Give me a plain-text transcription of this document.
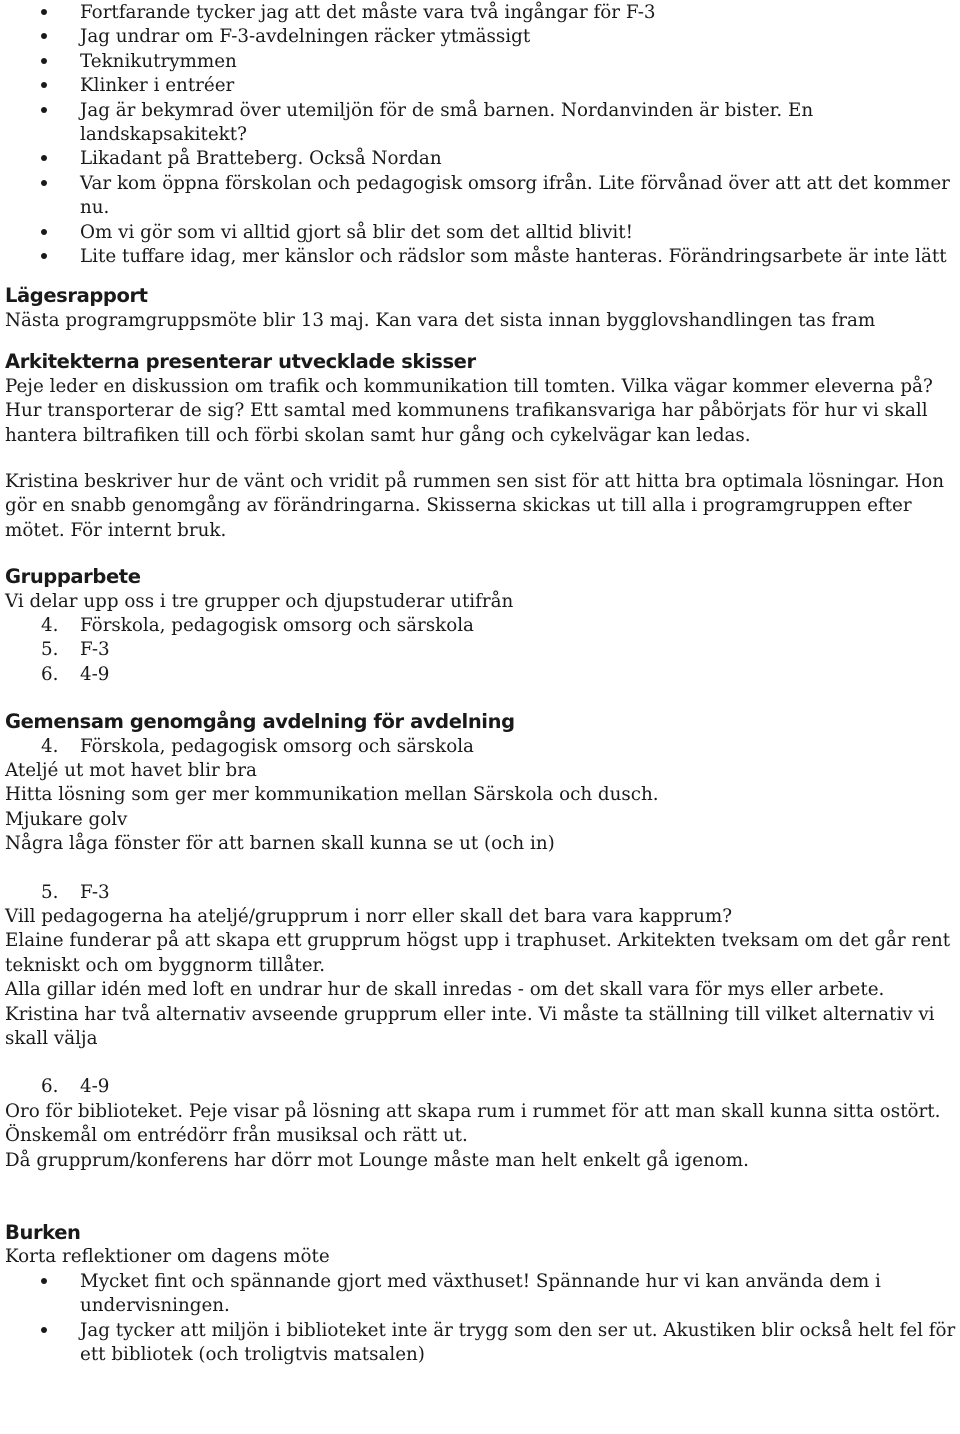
Fortfarande tycker jag att det måste vara två ingångar för F-3
Jag undrar om F-3-avdelningen räcker ytmässigt
Teknikutrymmen
Klinker i entréer
Jag är bekymrad över utemiljön för de små barnen. Nordanvinden är bister. En landskapsakitekt?
Likadant på Bratteberg. Också Nordan
Var kom öppna förskolan och pedagogisk omsorg ifrån. Lite förvånad över att att det kommer nu.
Om vi gör som vi alltid gjort så blir det som det alltid blivit!
Lite tuffare idag, mer känslor och rädslor som måste hanteras. Förändringsarbete är inte lätt
Lägesrapport

Nästa programgruppsmöte blir 13 maj. Kan vara det sista innan bygglovshandlingen tas fram

Arkitekterna presenterar utvecklade skisser

Peje leder en diskussion om trafik och kommunikation till tomten. Vilka vägar kommer eleverna på? Hur transporterar de sig? Ett samtal med kommunens trafikansvariga har påbörjats för hur vi skall hantera biltrafiken till och förbi skolan samt hur gång och cykelvägar kan ledas.

Kristina beskriver hur de vänt och vridit på rummen sen sist för att hitta bra optimala lösningar. Hon gör en snabb genomgång av förändringarna. Skisserna skickas ut till alla i programgruppen efter mötet. För internt bruk.

Grupparbete

Vi delar upp oss i tre grupper och djupstuderar utifrån

4. Förskola, pedagogisk omsorg och särskola
5. F-3
6. 4-9
Gemensam genomgång avdelning för avdelning
4. Förskola, pedagogisk omsorg och särskola

Ateljé ut mot havet blir bra

Hitta lösning som ger mer kommunikation mellan Särskola och dusch.

Mjukare golv

Några låga fönster för att barnen skall kunna se ut (och in)

5. F-3

Vill pedagogerna ha ateljé/grupprum i norr eller skall det bara vara kapprum?

Elaine funderar på att skapa ett grupprum högst upp i traphuset. Arkitekten tveksam om det går rent tekniskt och om byggnorm tillåter.

Alla gillar idén med loft en undrar hur de skall inredas - om det skall vara för mys eller arbete.

Kristina har två alternativ avseende grupprum eller inte. Vi måste ta ställning till vilket alternativ vi skall välja

6. 4-9

Oro för biblioteket. Peje visar på lösning att skapa rum i rummet för att man skall kunna sitta ostört.

Önskemål om entrédörr från musiksal och rätt ut.

Då grupprum/konferens har dörr mot Lounge måste man helt enkelt gå igenom.

Burken

Korta reflektioner om dagens möte

Mycket fint och spännande gjort med växthuset! Spännande hur vi kan använda dem i undervisningen.
Jag tycker att miljön i biblioteket inte är trygg som den ser ut. Akustiken blir också helt fel för ett bibliotek (och troligtvis matsalen)
